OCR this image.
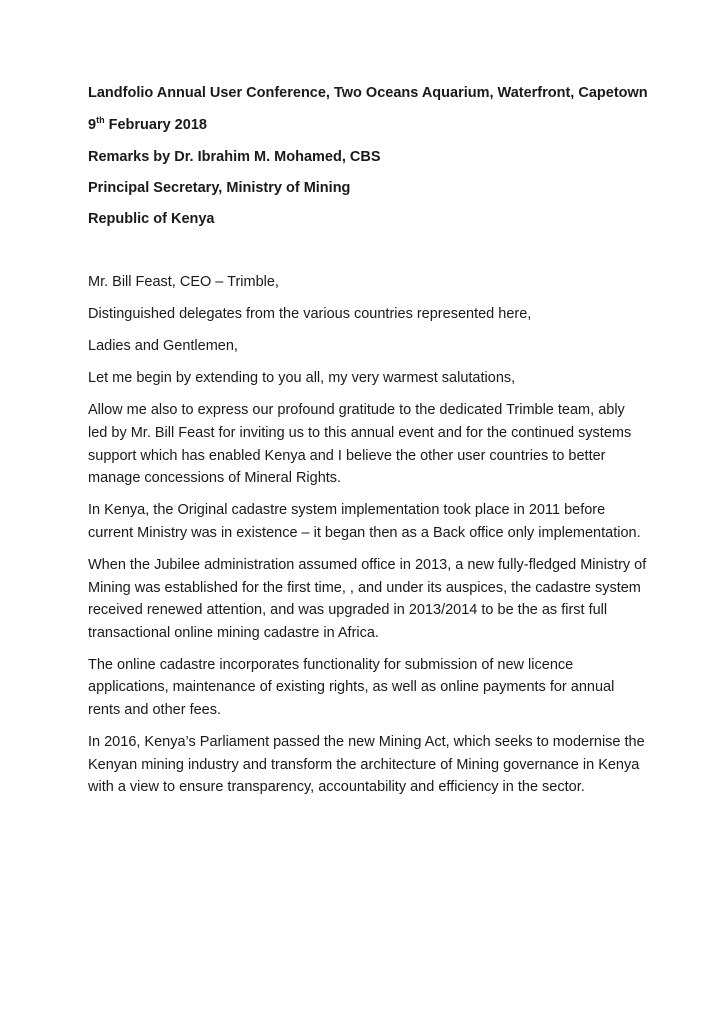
Landfolio Annual User Conference, Two Oceans Aquarium, Waterfront, Capetown

9th February 2018

Remarks by Dr. Ibrahim M. Mohamed, CBS

Principal Secretary, Ministry of Mining

Republic of Kenya

Mr. Bill Feast, CEO – Trimble,

Distinguished delegates from the various countries represented here,

Ladies and Gentlemen,

Let me begin by extending to you all, my very warmest salutations,

Allow me also to express our profound gratitude to the dedicated Trimble team, ably led by Mr. Bill Feast for inviting us to this annual event and for the continued systems support which has enabled Kenya and I believe the other user countries to better manage concessions of Mineral Rights.

In Kenya, the Original cadastre system implementation took place in 2011 before current Ministry was in existence – it began then as a Back office only implementation.

When the Jubilee administration assumed office in 2013, a new fully-fledged Ministry of Mining was established for the first time, , and under its auspices, the cadastre system received renewed attention, and was upgraded in 2013/2014 to be the as first full transactional online mining cadastre in Africa.

The online cadastre incorporates functionality for submission of new licence applications, maintenance of existing rights, as well as online payments for annual rents and other fees.

In 2016, Kenya’s Parliament passed the new Mining Act, which seeks to modernise the Kenyan mining industry and transform the architecture of Mining governance in Kenya with a view to ensure transparency, accountability and efficiency in the sector.
